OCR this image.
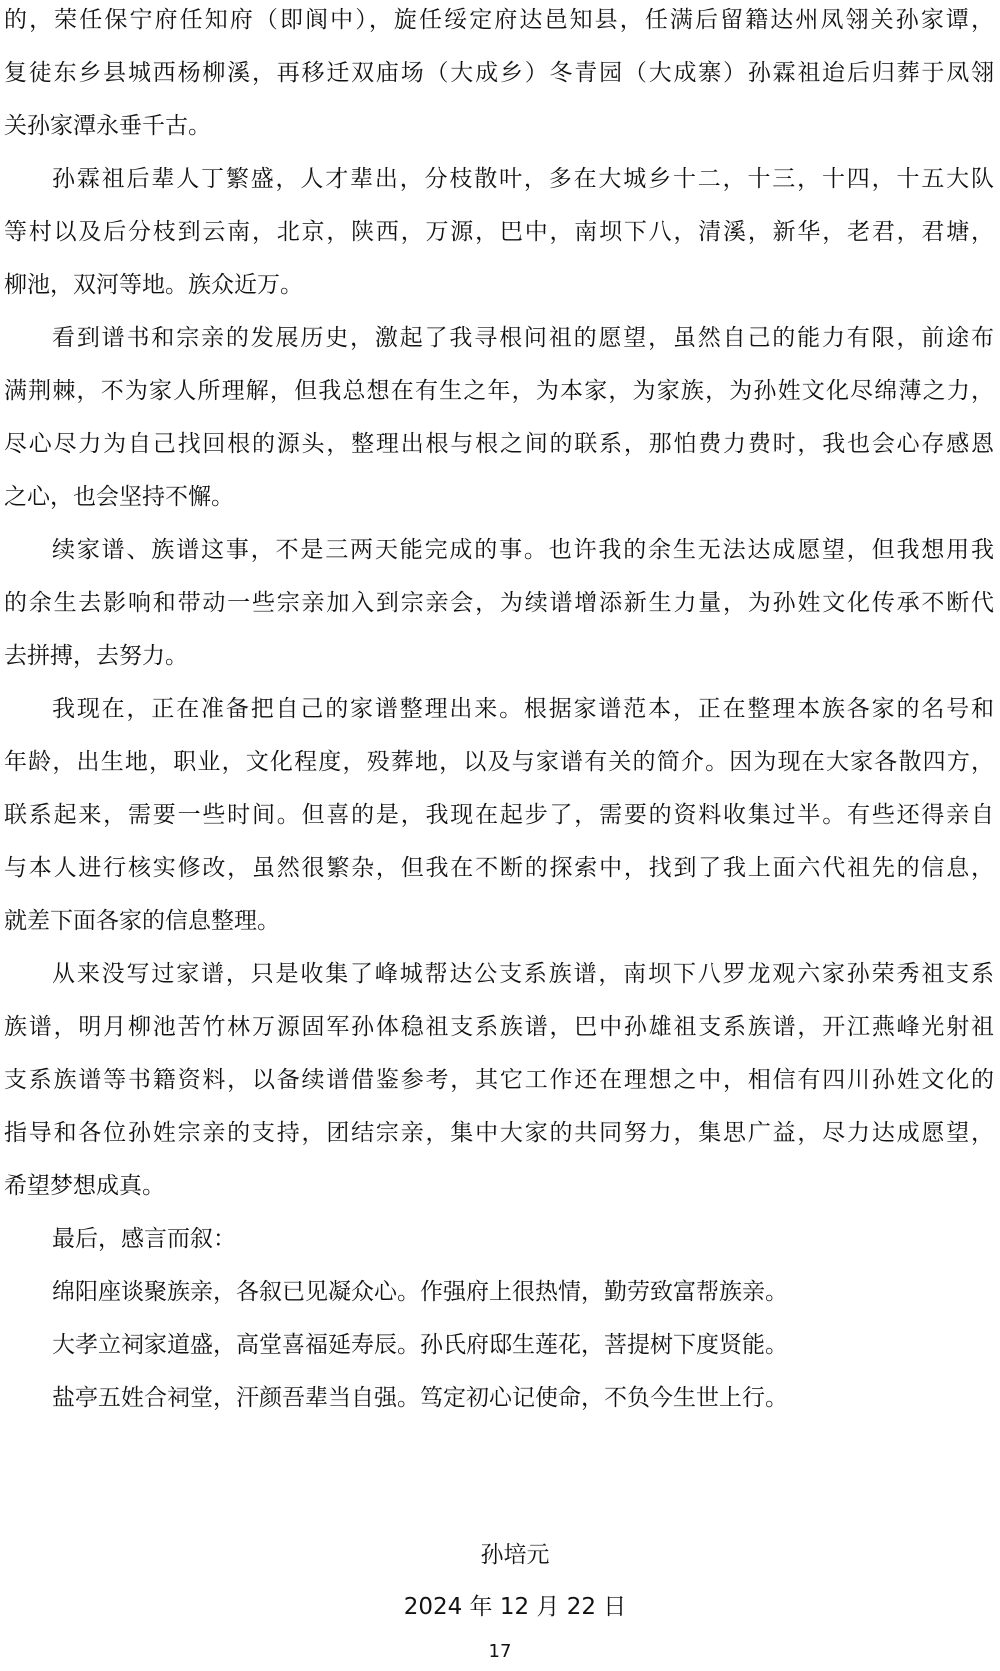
的，荣任保宁府任知府（即阆中），旋任绥定府达邑知县，任满后留籍达州凤翎关孙家谭，
复徒东乡县城西杨柳溪，再移迁双庙场（大成乡）冬青园（大成寨）孙霖祖迨后归葬于凤翎
关孙家潭永垂千古。
孙霖祖后辈人丁繁盛，人才辈出，分枝散叶，多在大城乡十二，十三，十四，十五大队
等村以及后分枝到云南，北京，陕西，万源，巴中，南坝下八，清溪，新华，老君，君塘，
柳池，双河等地。族众近万。
看到谱书和宗亲的发展历史，激起了我寻根问祖的愿望，虽然自己的能力有限，前途布
满荆棘，不为家人所理解，但我总想在有生之年，为本家，为家族，为孙姓文化尽绵薄之力，
尽心尽力为自己找回根的源头，整理出根与根之间的联系，那怕费力费时，我也会心存感恩
之心，也会坚持不懈。
续家谱、族谱这事，不是三两天能完成的事。也许我的余生无法达成愿望，但我想用我
的余生去影响和带动一些宗亲加入到宗亲会，为续谱增添新生力量，为孙姓文化传承不断代
去拼搏，去努力。
我现在，正在准备把自己的家谱整理出来。根据家谱范本，正在整理本族各家的名号和
年龄，出生地，职业，文化程度，殁葬地，以及与家谱有关的简介。因为现在大家各散四方，
联系起来，需要一些时间。但喜的是，我现在起步了，需要的资料收集过半。有些还得亲自
与本人进行核实修改，虽然很繁杂，但我在不断的探索中，找到了我上面六代祖先的信息，
就差下面各家的信息整理。
从来没写过家谱，只是收集了峰城帮达公支系族谱，南坝下八罗龙观六家孙荣秀祖支系
族谱，明月柳池苦竹林万源固军孙体稳祖支系族谱，巴中孙雄祖支系族谱，开江燕峰光射祖
支系族谱等书籍资料，以备续谱借鉴参考，其它工作还在理想之中，相信有四川孙姓文化的
指导和各位孙姓宗亲的支持，团结宗亲，集中大家的共同努力，集思广益，尽力达成愿望，
希望梦想成真。
最后，感言而叙：
绵阳座谈聚族亲，各叙已见凝众心。作强府上很热情，勤劳致富帮族亲。
大孝立祠家道盛，高堂喜福延寿辰。孙氏府邸生莲花，菩提树下度贤能。
盐亭五姓合祠堂，汗颜吾辈当自强。笃定初心记使命，不负今生世上行。
孙培元
2024 年 12 月 22 日
17
